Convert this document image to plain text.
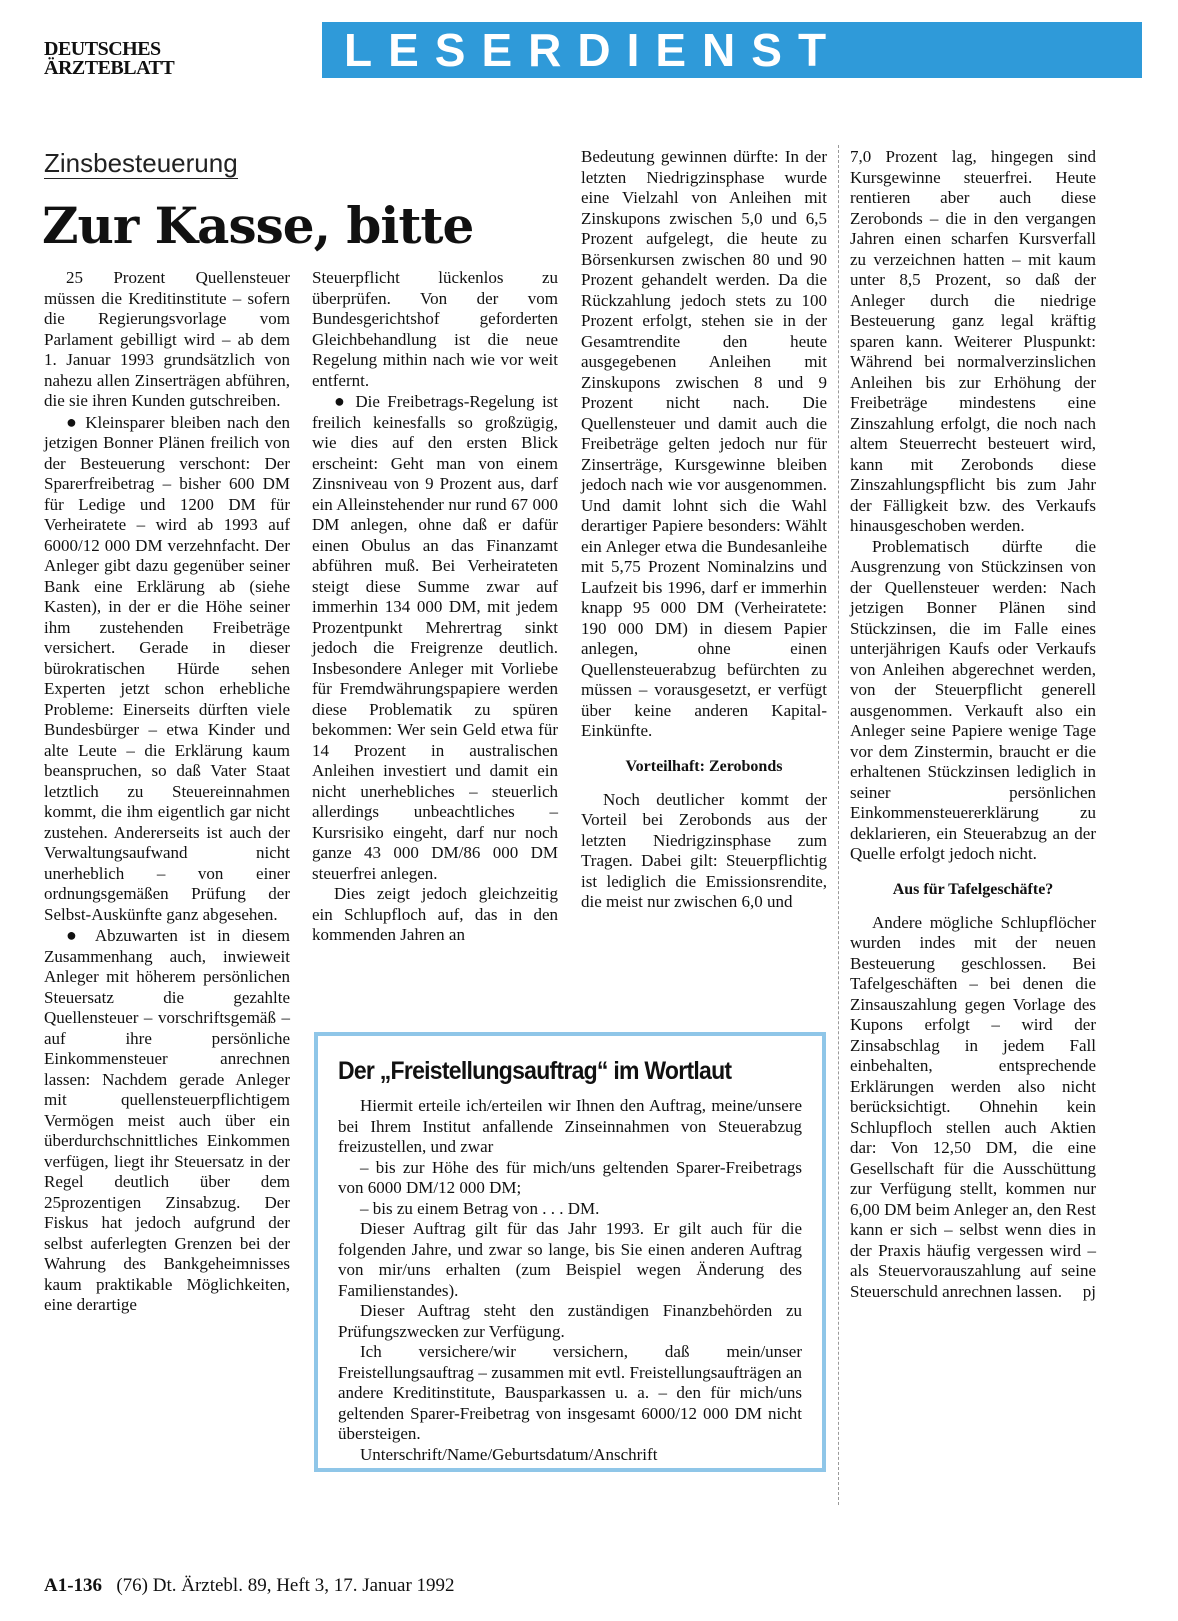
DEUTSCHES
ÄRZTEBLATT	LESERDIENST
Zinsbesteuerung
Zur Kasse, bitte

25 Prozent Quellensteuer müssen die Kreditinstitute – sofern die Regierungsvorlage vom Parlament gebilligt wird – ab dem 1. Januar 1993 grundsätzlich von nahezu allen Zinserträgen abführen, die sie ihren Kunden gutschreiben.

● Kleinsparer bleiben nach den jetzigen Bonner Plänen freilich von der Besteuerung verschont: Der Sparerfreibetrag – bisher 600 DM für Ledige und 1200 DM für Verheiratete – wird ab 1993 auf 6000/12 000 DM verzehnfacht. Der Anleger gibt dazu gegenüber seiner Bank eine Erklärung ab (siehe Kasten), in der er die Höhe seiner ihm zustehenden Freibeträge versichert. Gerade in dieser bürokratischen Hürde sehen Experten jetzt schon erhebliche Probleme: Einerseits dürften viele Bundesbürger – etwa Kinder und alte Leute – die Erklärung kaum beanspruchen, so daß Vater Staat letztlich zu Steuereinnahmen kommt, die ihm eigentlich gar nicht zustehen. Andererseits ist auch der Verwaltungsaufwand nicht unerheblich – von einer ordnungsgemäßen Prüfung der Selbst-Auskünfte ganz abgesehen.

● Abzuwarten ist in diesem Zusammenhang auch, inwieweit Anleger mit höherem persönlichen Steuersatz die gezahlte Quellensteuer – vorschriftsgemäß – auf ihre persönliche Einkommensteuer anrechnen lassen: Nachdem gerade Anleger mit quellensteuerpflichtigem Vermögen meist auch über ein überdurchschnittliches Einkommen verfügen, liegt ihr Steuersatz in der Regel deutlich über dem 25prozentigen Zinsabzug. Der Fiskus hat jedoch aufgrund der selbst auferlegten Grenzen bei der Wahrung des Bankgeheimnisses kaum praktikable Möglichkeiten, eine derartige

Steuerpflicht lückenlos zu überprüfen. Von der vom Bundesgerichtshof geforderten Gleichbehandlung ist die neue Regelung mithin nach wie vor weit entfernt.

● Die Freibetrags-Regelung ist freilich keinesfalls so großzügig, wie dies auf den ersten Blick erscheint: Geht man von einem Zinsniveau von 9 Prozent aus, darf ein Alleinstehender nur rund 67 000 DM anlegen, ohne daß er dafür einen Obulus an das Finanzamt abführen muß. Bei Verheirateten steigt diese Summe zwar auf immerhin 134 000 DM, mit jedem Prozentpunkt Mehrertrag sinkt jedoch die Freigrenze deutlich. Insbesondere Anleger mit Vorliebe für Fremdwährungspapiere werden diese Problematik zu spüren bekommen: Wer sein Geld etwa für 14 Prozent in australischen Anleihen investiert und damit ein nicht unerhebliches – steuerlich allerdings unbeachtliches – Kursrisiko eingeht, darf nur noch ganze 43 000 DM/86 000 DM steuerfrei anlegen.

Dies zeigt jedoch gleichzeitig ein Schlupfloch auf, das in den kommenden Jahren an

Bedeutung gewinnen dürfte: In der letzten Niedrigzinsphase wurde eine Vielzahl von Anleihen mit Zinskupons zwischen 5,0 und 6,5 Prozent aufgelegt, die heute zu Börsenkursen zwischen 80 und 90 Prozent gehandelt werden. Da die Rückzahlung jedoch stets zu 100 Prozent erfolgt, stehen sie in der Gesamtrendite den heute ausgegebenen Anleihen mit Zinskupons zwischen 8 und 9 Prozent nicht nach. Die Quellensteuer und damit auch die Freibeträge gelten jedoch nur für Zinserträge, Kursgewinne bleiben jedoch nach wie vor ausgenommen. Und damit lohnt sich die Wahl derartiger Papiere besonders: Wählt ein Anleger etwa die Bundesanleihe mit 5,75 Prozent Nominalzins und Laufzeit bis 1996, darf er immerhin knapp 95 000 DM (Verheiratete: 190 000 DM) in diesem Papier anlegen, ohne einen Quellensteuerabzug befürchten zu müssen – vorausgesetzt, er verfügt über keine anderen Kapital-Einkünfte.

Vorteilhaft: Zerobonds

Noch deutlicher kommt der Vorteil bei Zerobonds aus der letzten Niedrigzinsphase zum Tragen. Dabei gilt: Steuerpflichtig ist lediglich die Emissionsrendite, die meist nur zwischen 6,0 und

7,0 Prozent lag, hingegen sind Kursgewinne steuerfrei. Heute rentieren aber auch diese Zerobonds – die in den vergangen Jahren einen scharfen Kursverfall zu verzeichnen hatten – mit kaum unter 8,5 Prozent, so daß der Anleger durch die niedrige Besteuerung ganz legal kräftig sparen kann. Weiterer Pluspunkt: Während bei normalverzinslichen Anleihen bis zur Erhöhung der Freibeträge mindestens eine Zinszahlung erfolgt, die noch nach altem Steuerrecht besteuert wird, kann mit Zerobonds diese Zinszahlungspflicht bis zum Jahr der Fälligkeit bzw. des Verkaufs hinausgeschoben werden.

Problematisch dürfte die Ausgrenzung von Stückzinsen von der Quellensteuer werden: Nach jetzigen Bonner Plänen sind Stückzinsen, die im Falle eines unterjährigen Kaufs oder Verkaufs von Anleihen abgerechnet werden, von der Steuerpflicht generell ausgenommen. Verkauft also ein Anleger seine Papiere wenige Tage vor dem Zinstermin, braucht er die erhaltenen Stückzinsen lediglich in seiner persönlichen Einkommensteuererklärung zu deklarieren, ein Steuerabzug an der Quelle erfolgt jedoch nicht.

Aus für Tafelgeschäfte?

Andere mögliche Schlupflöcher wurden indes mit der neuen Besteuerung geschlossen. Bei Tafelgeschäften – bei denen die Zinsauszahlung gegen Vorlage des Kupons erfolgt – wird der Zinsabschlag in jedem Fall einbehalten, entsprechende Erklärungen werden also nicht berücksichtigt. Ohnehin kein Schlupfloch stellen auch Aktien dar: Von 12,50 DM, die eine Gesellschaft für die Ausschüttung zur Verfügung stellt, kommen nur 6,00 DM beim Anleger an, den Rest kann er sich – selbst wenn dies in der Praxis häufig vergessen wird – als Steuervorauszahlung auf seine Steuerschuld anrechnen lassen.	pj
Der „Freistellungsauftrag“ im Wortlaut

Hiermit erteile ich/erteilen wir Ihnen den Auftrag, meine/unsere bei Ihrem Institut anfallende Zinseinnahmen von Steuerabzug freizustellen, und zwar

– bis zur Höhe des für mich/uns geltenden Sparer-Freibetrags von 6000 DM/12 000 DM;

– bis zu einem Betrag von . . . DM.

Dieser Auftrag gilt für das Jahr 1993. Er gilt auch für die folgenden Jahre, und zwar so lange, bis Sie einen anderen Auftrag von mir/uns erhalten (zum Beispiel wegen Änderung des Familienstandes).

Dieser Auftrag steht den zuständigen Finanzbehörden zu Prüfungszwecken zur Verfügung.

Ich versichere/wir versichern, daß mein/unser Freistellungsauftrag – zusammen mit evtl. Freistellungsaufträgen an andere Kreditinstitute, Bausparkassen u. a. – den für mich/uns geltenden Sparer-Freibetrag von insgesamt 6000/12 000 DM nicht übersteigen.

Unterschrift/Name/Geburtsdatum/Anschrift

A1-136 (76) Dt. Ärztebl. 89, Heft 3, 17. Januar 1992
